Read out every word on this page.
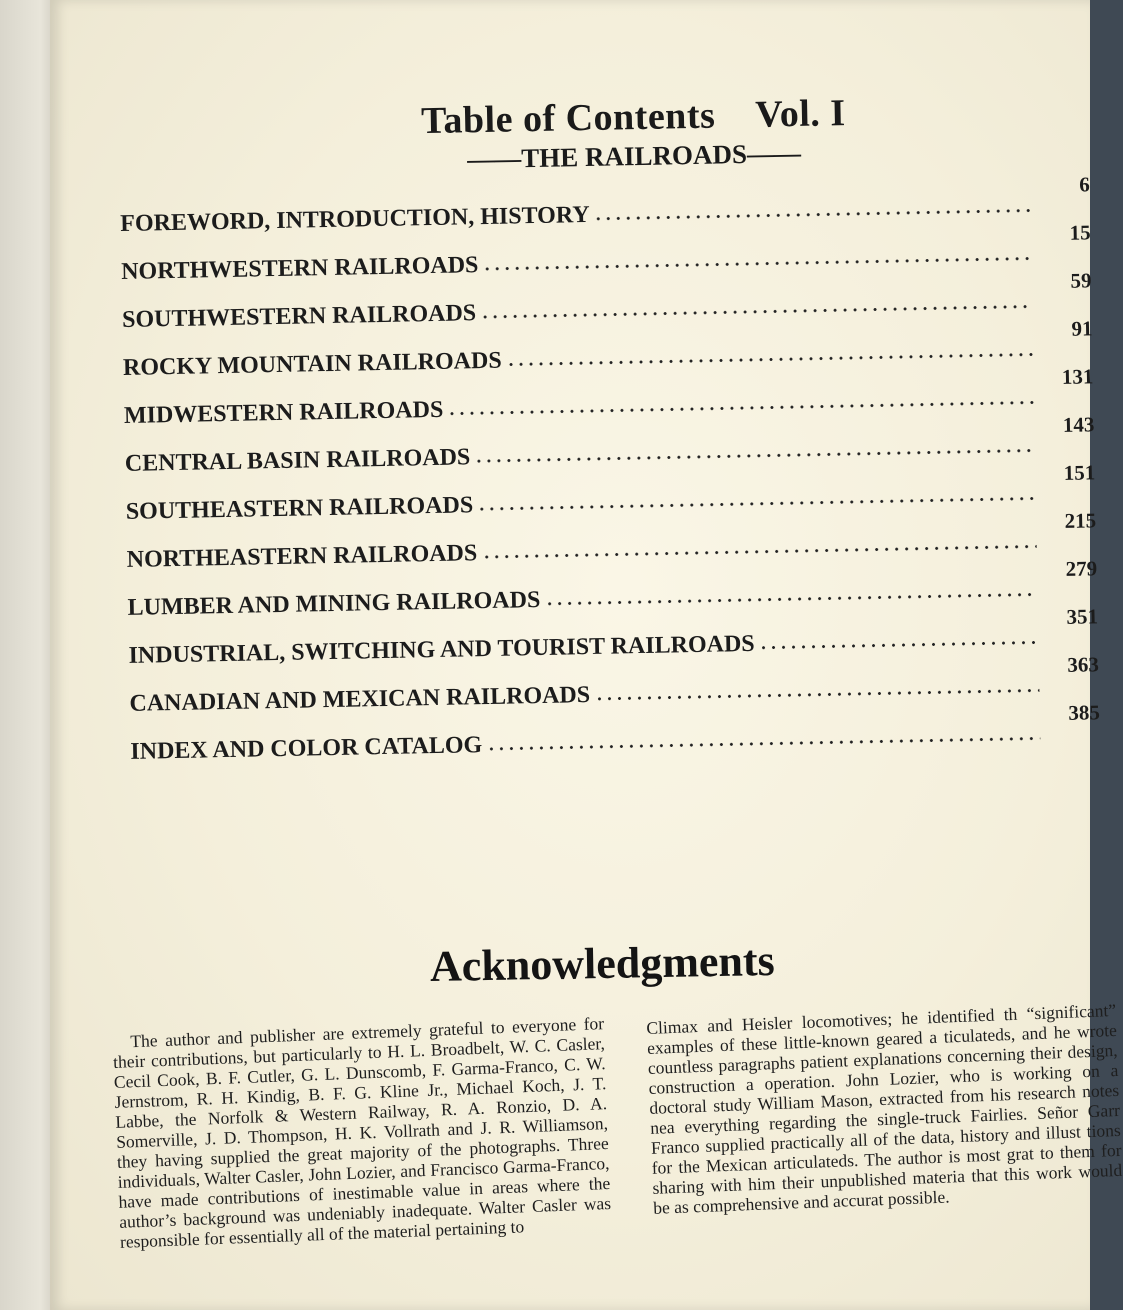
Table of Contents Vol. I
——THE RAILROADS——
FOREWORD, INTRODUCTION, HISTORY
6
NORTHWESTERN RAILROADS
15
SOUTHWESTERN RAILROADS
59
ROCKY MOUNTAIN RAILROADS
91
MIDWESTERN RAILROADS
131
CENTRAL BASIN RAILROADS
143
SOUTHEASTERN RAILROADS
151
NORTHEASTERN RAILROADS
215
LUMBER AND MINING RAILROADS
279
INDUSTRIAL, SWITCHING AND TOURIST RAILROADS
351
CANADIAN AND MEXICAN RAILROADS
363
INDEX AND COLOR CATALOG
385
Acknowledgments

The author and publisher are extremely grateful to everyone for their contributions, but particularly to H. L. Broadbelt, W. C. Casler, Cecil Cook, B. F. Cutler, G. L. Dunscomb, F. Garma-Franco, C. W. Jernstrom, R. H. Kindig, B. F. G. Kline Jr., Michael Koch, J. T. Labbe, the Norfolk & Western Railway, R. A. Ronzio, D. A. Somerville, J. D. Thompson, H. K. Vollrath and J. R. Williamson, they having supplied the great majority of the photographs. Three individuals, Walter Casler, John Lozier, and Francisco Garma-Franco, have made contributions of inestimable value in areas where the author’s background was undeniably inadequate. Walter Casler was responsible for essentially all of the material pertaining to

Climax and Heisler locomotives; he identified th “significant” examples of these little-known geared a ticulateds, and he wrote countless paragraphs patient explanations concerning their design, construction a operation. John Lozier, who is working on a doctoral study William Mason, extracted from his research notes nea everything regarding the single-truck Fairlies. Señor Garr Franco supplied practically all of the data, history and illust tions for the Mexican articulateds. The author is most grat to them for sharing with him their unpublished materia that this work would be as comprehensive and accurat possible.
